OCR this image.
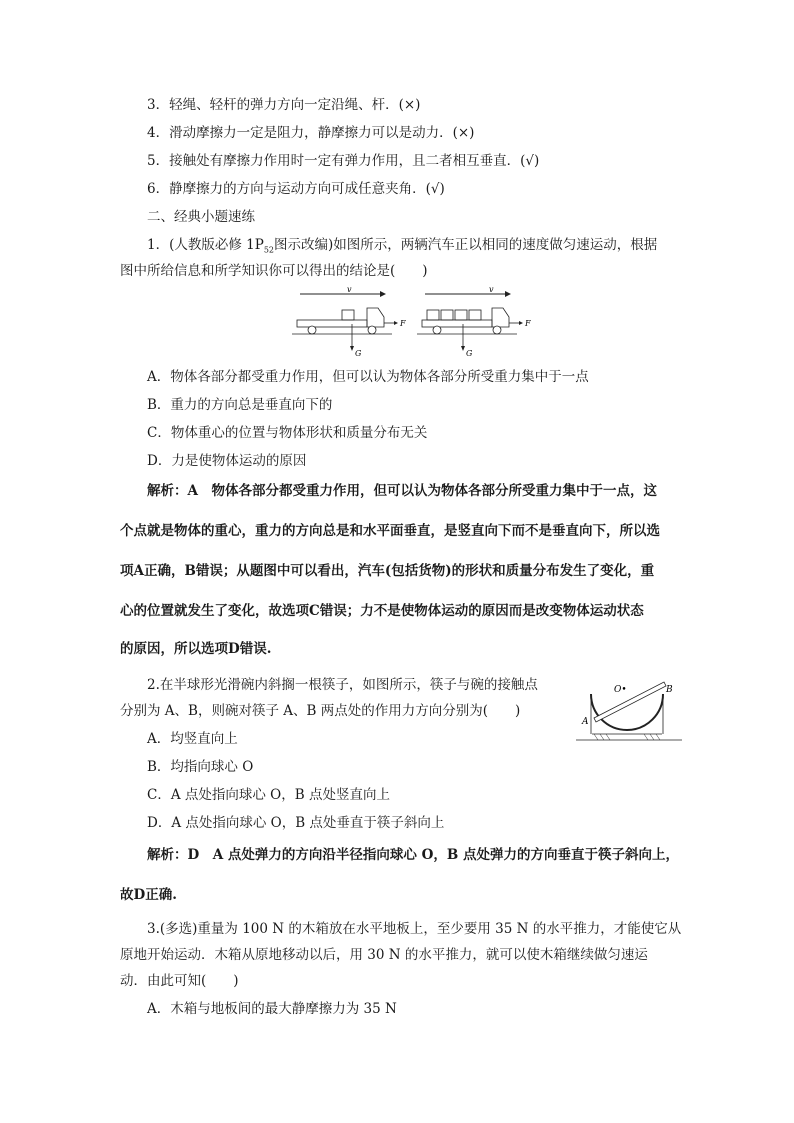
3．轻绳、轻杆的弹力方向一定沿绳、杆．(×)
4．滑动摩擦力一定是阻力，静摩擦力可以是动力．(×)
5．接触处有摩擦力作用时一定有弹力作用，且二者相互垂直．(√)
6．静摩擦力的方向与运动方向可成任意夹角．(√)
二、经典小题速练
1．(人教版必修 $1P_{52}$图示改编)如图所示，两辆汽车正以相同的速度做匀速运动，根据
图中所给信息和所学知识你可以得出的结论是(　　)
v
F
G
v
F
G
A．物体各部分都受重力作用，但可以认为物体各部分所受重力集中于一点
B．重力的方向总是垂直向下的
C．物体重心的位置与物体形状和质量分布无关
D．力是使物体运动的原因
解析：A　物体各部分都受重力作用，但可以认为物体各部分所受重力集中于一点，这
个点就是物体的重心，重力的方向总是和水平面垂直，是竖直向下而不是垂直向下，所以选
项A正确，B错误；从题图中可以看出，汽车(包括货物)的形状和质量分布发生了变化，重
心的位置就发生了变化，故选项C错误；力不是使物体运动的原因而是改变物体运动状态
的原因，所以选项D错误.
2.在半球形光滑碗内斜搁一根筷子，如图所示，筷子与碗的接触点
分别为 A、B，则碗对筷子 A、B 两点处的作用力方向分别为(　　)
O•
A
B
A．均竖直向上
B．均指向球心 O
C．A 点处指向球心 O，B 点处竖直向上
D．A 点处指向球心 O，B 点处垂直于筷子斜向上
解析：D　A 点处弹力的方向沿半径指向球心 O，B 点处弹力的方向垂直于筷子斜向上，
故D正确.
3.(多选)重量为 100 N 的木箱放在水平地板上，至少要用 35 N 的水平推力，才能使它从
原地开始运动．木箱从原地移动以后，用 30 N 的水平推力，就可以使木箱继续做匀速运
动．由此可知(　　)
A．木箱与地板间的最大静摩擦力为 35 N
